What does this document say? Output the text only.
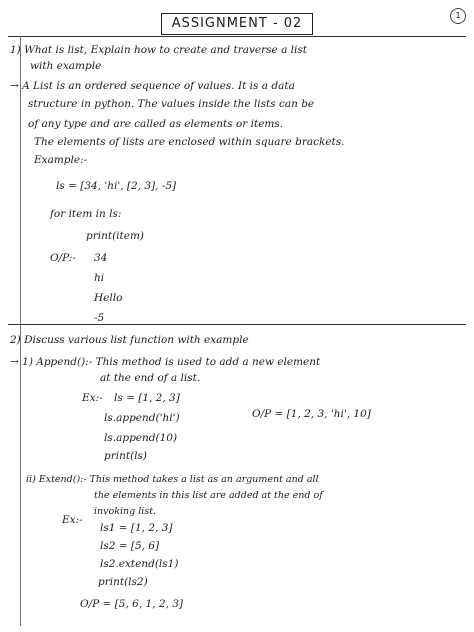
1
ASSIGNMENT - 02
1) What is list, Explain how to create and traverse a list
with example
→ A List is an ordered sequence of values. It is a data
structure in python. The values inside the lists can be
of any type and are called as elements or items.
The elements of lists are enclosed within square brackets.
Example:-
ls = [34, 'hi', [2, 3], -5]
for item in ls:
print(item)
O/P:- 34
hi
Hello
-5
2) Discuss various list function with example
→ 1) Append():- This method is used to add a new element
at the end of a list.
Ex:- ls = [1, 2, 3]
ls.append('hi')
ls.append(10)
print(ls)
O/P = [1, 2, 3, 'hi', 10]
ii) Extend():- This method takes a list as an argument and all
the elements in this list are added at the end of
invoking list.
Ex:-
ls1 = [1, 2, 3]
ls2 = [5, 6]
ls2.extend(ls1)
print(ls2)
O/P = [5, 6, 1, 2, 3]
